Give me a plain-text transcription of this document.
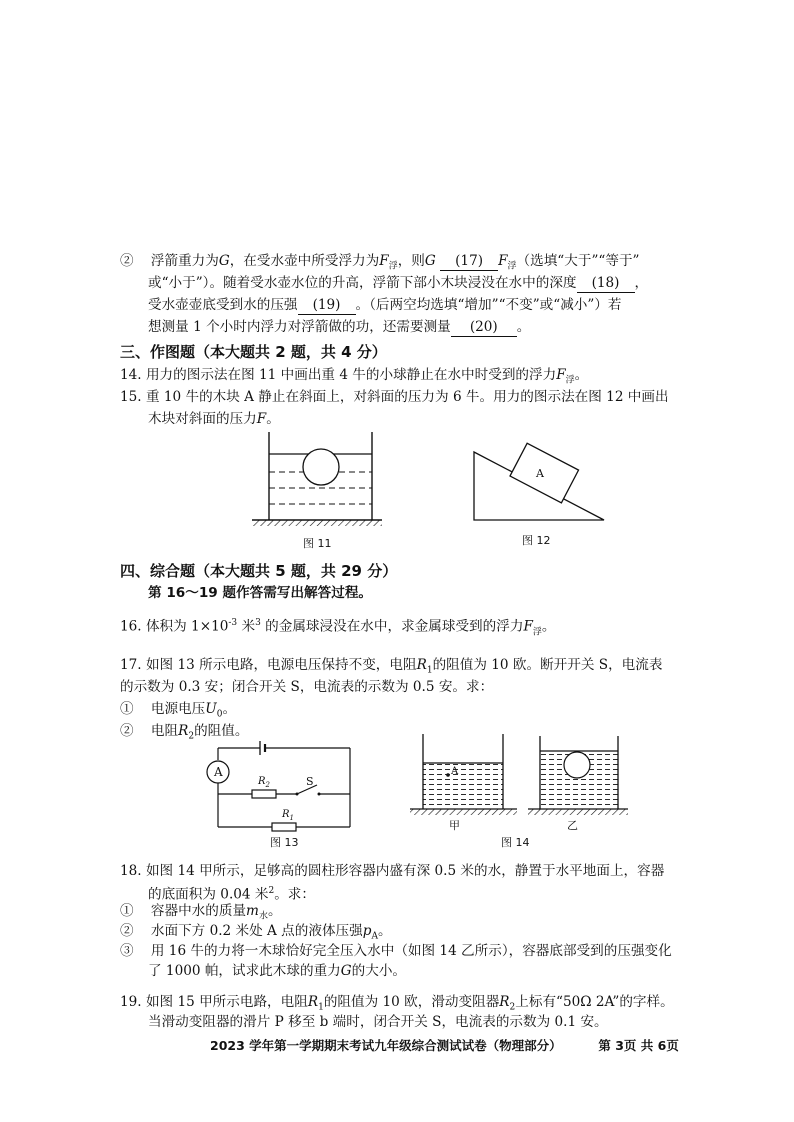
② 浮箭重力为G，在受水壶中所受浮力为$F_浮$，则G (17) $F_浮$（选填“大于”“等于”
或“小于”）。随着受水壶水位的升高，浮箭下部小木块浸没在水中的深度 (18) ，
受水壶壶底受到水的压强 (19) 。（后两空均选填“增加”“不变”或“减小”）若
想测量 1 个小时内浮力对浮箭做的功，还需要测量 (20) 。
三、作图题（本大题共 2 题，共 4 分）
14. 用力的图示法在图 11 中画出重 4 牛的小球静止在水中时受到的浮力$F_浮$。
15. 重 10 牛的木块 A 静止在斜面上，对斜面的压力为 6 牛。用力的图示法在图 12 中画出
木块对斜面的压力F。
图 11
A
图 12
四、综合题（本大题共 5 题，共 29 分）
第 16～19 题作答需写出解答过程。
16. 体积为 $1\times 10^{-3}$ 米$^3$ 的金属球浸没在水中，求金属球受到的浮力$F_浮$。
17. 如图 13 所示电路，电源电压保持不变，电阻$R_1$的阻值为 10 欧。断开开关 S，电流表
的示数为 0.3 安；闭合开关 S，电流表的示数为 0.5 安。求：
① 电源电压$U_0$。
② 电阻$R_2$的阻值。
A
$R_2$	S
$R_1$
图 13
A
甲	乙
图 14
18. 如图 14 甲所示，足够高的圆柱形容器内盛有深 0.5 米的水，静置于水平地面上，容器
的底面积为 0.04 米$^2$。求：
① 容器中水的质量$m_水$。
② 水面下方 0.2 米处 A 点的液体压强$p_A$。
③ 用 16 牛的力将一木球恰好完全压入水中（如图 14 乙所示），容器底部受到的压强变化
了 1000 帕，试求此木球的重力G的大小。
19. 如图 15 甲所示电路，电阻$R_1$的阻值为 10 欧，滑动变阻器$R_2$上标有“50Ω 2A”的字样。
当滑动变阻器的滑片 P 移至 b 端时，闭合开关 S，电流表的示数为 0.1 安。
2023 学年第一学期期末考试九年级综合测试试卷（物理部分）	第 3页 共 6页
